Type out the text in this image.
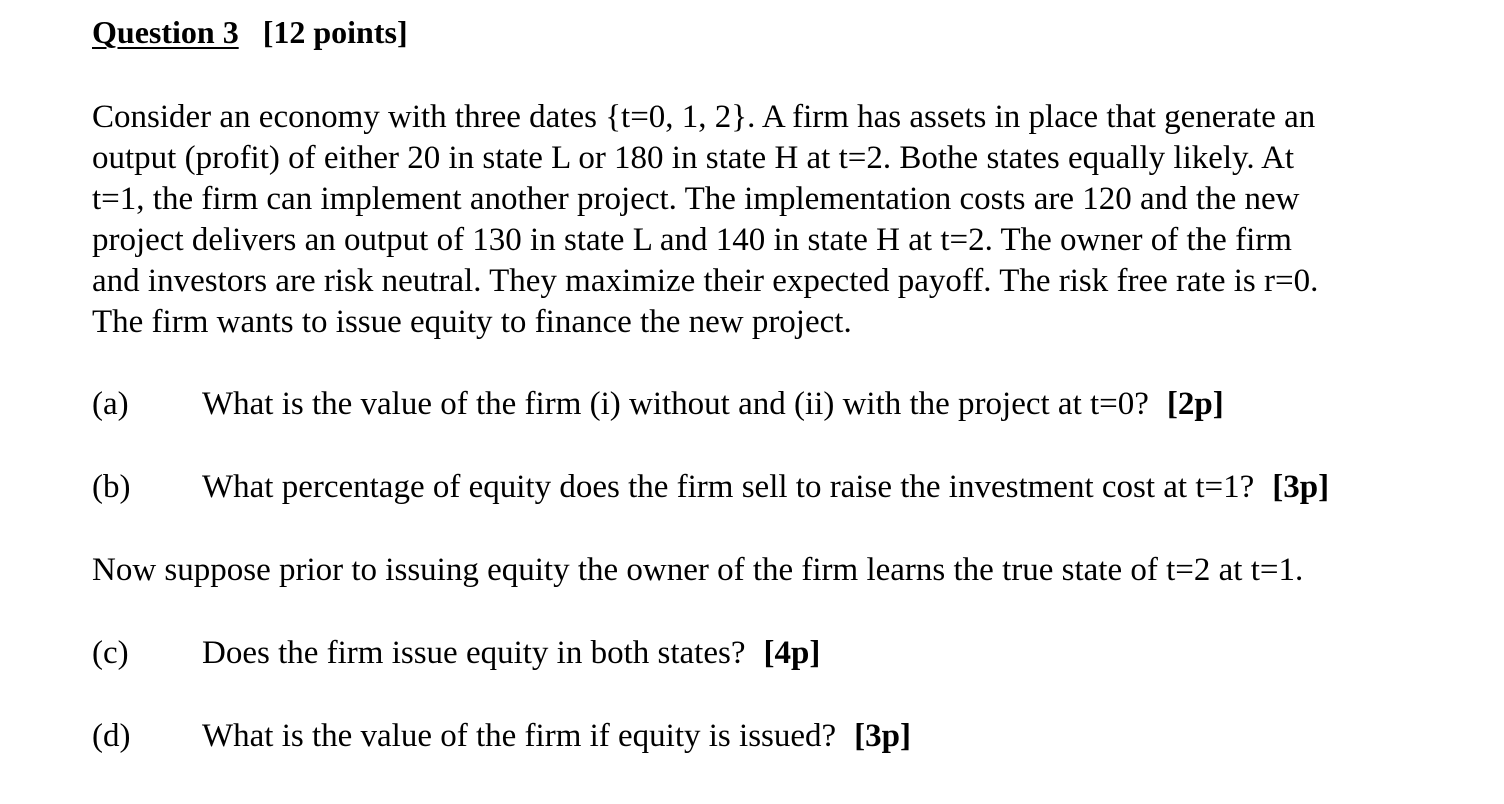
Question 3 [12 points]
Consider an economy with three dates {t=0, 1, 2}. A firm has assets in place that generate an
output (profit) of either 20 in state L or 180 in state H at t=2. Bothe states equally likely. At
t=1, the firm can implement another project. The implementation costs are 120 and the new
project delivers an output of 130 in state L and 140 in state H at t=2. The owner of the firm
and investors are risk neutral. They maximize their expected payoff. The risk free rate is r=0.
The firm wants to issue equity to finance the new project.
(a) What is the value of the firm (i) without and (ii) with the project at t=0? [2p]
(b) What percentage of equity does the firm sell to raise the investment cost at t=1? [3p]
Now suppose prior to issuing equity the owner of the firm learns the true state of t=2 at t=1.
(c) Does the firm issue equity in both states? [4p]
(d) What is the value of the firm if equity is issued? [3p]
